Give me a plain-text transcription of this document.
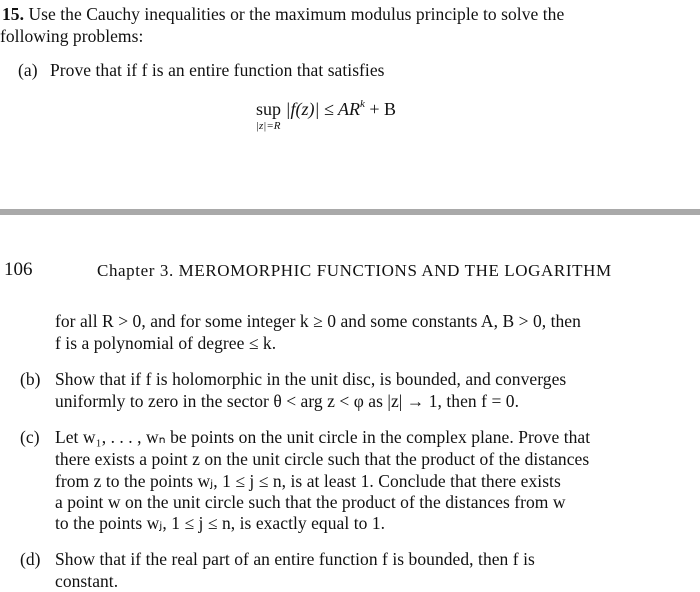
15. Use the Cauchy inequalities or the maximum modulus principle to solve the
following problems:
(a) Prove that if f is an entire function that satisfies
sup $|f(z)| \le AR^k + B$
|z|=R
106	Chapter 3. MEROMORPHIC FUNCTIONS AND THE LOGARITHM
for all R > 0, and for some integer k ≥ 0 and some constants A, B > 0, then
f is a polynomial of degree ≤ k.
(b) Show that if f is holomorphic in the unit disc, is bounded, and converges
uniformly to zero in the sector θ < arg z < φ as |z| → 1, then f = 0.
(c) Let w₁, . . . , wₙ be points on the unit circle in the complex plane. Prove that
there exists a point z on the unit circle such that the product of the distances
from z to the points wⱼ, 1 ≤ j ≤ n, is at least 1. Conclude that there exists
a point w on the unit circle such that the product of the distances from w
to the points wⱼ, 1 ≤ j ≤ n, is exactly equal to 1.
(d) Show that if the real part of an entire function f is bounded, then f is
constant.
